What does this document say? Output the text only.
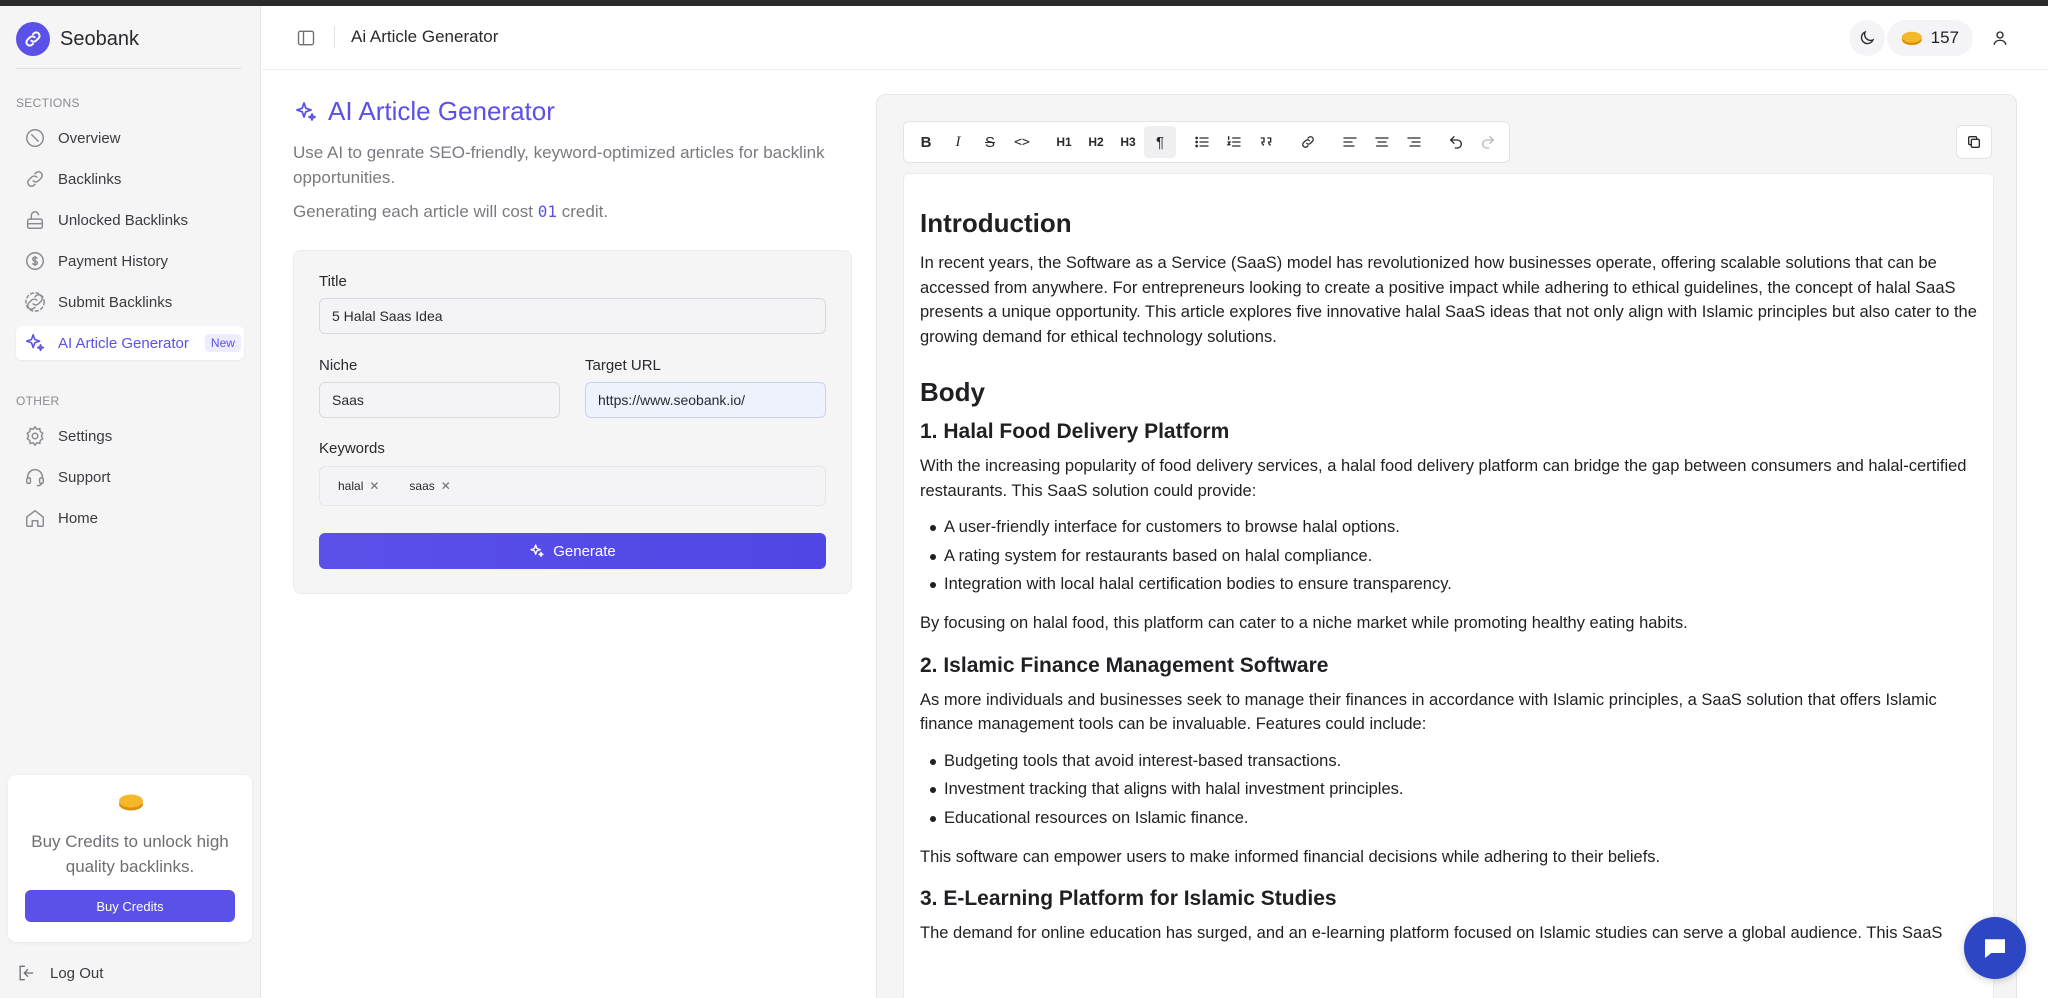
Seobank
SECTIONS
Overview
Backlinks
Unlocked Backlinks
Payment History
Submit Backlinks
AI Article Generator	New
OTHER
Settings
Support
Home
Buy Credits to unlock high quality backlinks.
Buy Credits
Log Out
Ai Article Generator	157
AI Article Generator
Use AI to genrate SEO-friendly, keyword-optimized articles for backlink opportunities.
Generating each article will cost 01 credit.
Title
5 Halal Saas Idea
Niche
Saas
Target URL
https://www.seobank.io/
Keywords
halal ✕	saas ✕
Generate
B	I	S	<>	H1	H2	H3	¶
Introduction

In recent years, the Software as a Service (SaaS) model has revolutionized how businesses operate, offering scalable solutions that can be accessed from anywhere. For entrepreneurs looking to create a positive impact while adhering to ethical guidelines, the concept of halal SaaS presents a unique opportunity. This article explores five innovative halal SaaS ideas that not only align with Islamic principles but also cater to the growing demand for ethical technology solutions.

Body
1. Halal Food Delivery Platform

With the increasing popularity of food delivery services, a halal food delivery platform can bridge the gap between consumers and halal-certified restaurants. This SaaS solution could provide:

A user-friendly interface for customers to browse halal options.
A rating system for restaurants based on halal compliance.
Integration with local halal certification bodies to ensure transparency.

By focusing on halal food, this platform can cater to a niche market while promoting healthy eating habits.

2. Islamic Finance Management Software

As more individuals and businesses seek to manage their finances in accordance with Islamic principles, a SaaS solution that offers Islamic finance management tools can be invaluable. Features could include:

Budgeting tools that avoid interest-based transactions.
Investment tracking that aligns with halal investment principles.
Educational resources on Islamic finance.

This software can empower users to make informed financial decisions while adhering to their beliefs.

3. E-Learning Platform for Islamic Studies

The demand for online education has surged, and an e-learning platform focused on Islamic studies can serve a global audience. This SaaS
